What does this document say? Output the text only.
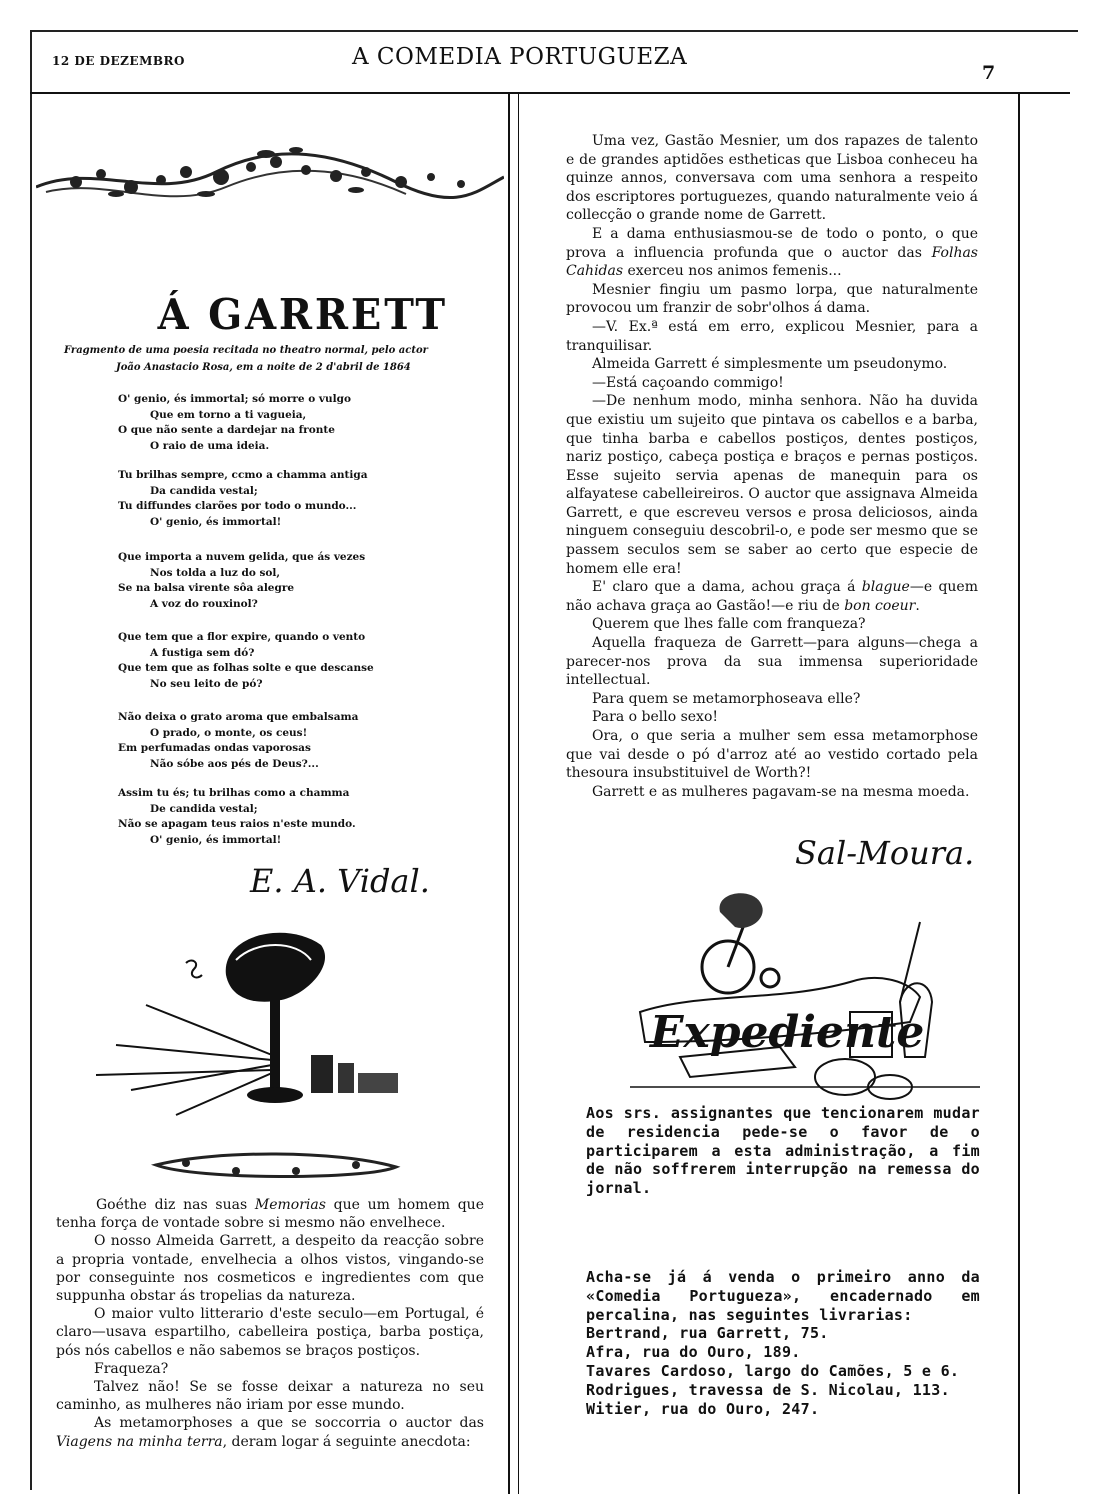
12 DE DEZEMBRO	A COMEDIA PORTUGUEZA
7
Á GARRETT
Fragmento de uma poesia recitada no theatro normal, pelo actor
João Anastacio Rosa, em a noite de 2 d'abril de 1864
O' genio, és immortal; só morre o vulgo
Que em torno a ti vagueia,
O que não sente a dardejar na fronte
O raio de uma ideia.
Tu brilhas sempre, ccmo a chamma antiga
Da candida vestal;
Tu diffundes clarões por todo o mundo...
O' genio, és immortal!
Que importa a nuvem gelida, que ás vezes
Nos tolda a luz do sol,
Se na balsa virente sôa alegre
A voz do rouxinol?
Que tem que a flor expire, quando o vento
A fustiga sem dó?
Que tem que as folhas solte e que descanse
No seu leito de pó?
Não deixa o grato aroma que embalsama
O prado, o monte, os ceus!
Em perfumadas ondas vaporosas
Não sóbe aos pés de Deus?...
Assim tu és; tu brilhas como a chamma
De candida vestal;
Não se apagam teus raios n'este mundo.
O' genio, és immortal!
E. A. Vidal.

Goéthe diz nas suas Memorias que um homem que tenha força de vontade sobre si mesmo não envelhece.

O nosso Almeida Garrett, a despeito da reacção sobre a propria vontade, envelhecia a olhos vistos, vingando-se por conseguinte nos cosmeticos e ingredientes com que suppunha obstar ás tropelias da natureza.

O maior vulto litterario d'este seculo—em Portugal, é claro—usava espartilho, cabelleira postiça, barba postiça, pós nós cabellos e não sabemos se braços postiços.

Fraqueza?

Talvez não! Se se fosse deixar a natureza no seu caminho, as mulheres não iriam por esse mundo.

As metamorphoses a que se soccorria o auctor das Viagens na minha terra, deram logar á seguinte anecdota:

Uma vez, Gastão Mesnier, um dos rapazes de talento e de grandes aptidões estheticas que Lisboa conheceu ha quinze annos, conversava com uma senhora a respeito dos escriptores portuguezes, quando naturalmente veio á collecção o grande nome de Garrett.

E a dama enthusiasmou-se de todo o ponto, o que prova a influencia profunda que o auctor das Folhas Cahidas exerceu nos animos femenis...

Mesnier fingiu um pasmo lorpa, que naturalmente provocou um franzir de sobr'olhos á dama.

—V. Ex.ª está em erro, explicou Mesnier, para a tranquilisar.

Almeida Garrett é simplesmente um pseudonymo.

—Está caçoando commigo!

—De nenhum modo, minha senhora. Não ha duvida que existiu um sujeito que pintava os cabellos e a barba, que tinha barba e cabellos postiços, dentes postiços, nariz postiço, cabeça postiça e braços e pernas postiços. Esse sujeito servia apenas de manequin para os alfayatese cabelleireiros. O auctor que assignava Almeida Garrett, e que escreveu versos e prosa deliciosos, ainda ninguem conseguiu descobril-o, e pode ser mesmo que se passem seculos sem se saber ao certo que especie de homem elle era!

E' claro que a dama, achou graça á blague—e quem não achava graça ao Gastão!—e riu de bon coeur.

Querem que lhes falle com franqueza?

Aquella fraqueza de Garrett—para alguns—chega a parecer-nos prova da sua immensa superioridade intellectual.

Para quem se metamorphoseava elle?

Para o bello sexo!

Ora, o que seria a mulher sem essa metamorphose que vai desde o pó d'arroz até ao vestido cortado pela thesoura insubstituivel de Worth?!

Garrett e as mulheres pagavam-se na mesma moeda.

Sal-Moura.
Expediente
Aos srs. assignantes que tencionarem mudar de residencia pede-se o favor de o participarem a esta administração, a fim de não soffrerem interrupção na remessa do jornal.
Acha-se já á venda o primeiro anno da «Comedia Portugueza», encadernado em percalina, nas seguintes livrarias:
Bertrand, rua Garrett, 75.
Afra, rua do Ouro, 189.
Tavares Cardoso, largo do Camões, 5 e 6.
Rodrigues, travessa de S. Nicolau, 113.
Witier, rua do Ouro, 247.
